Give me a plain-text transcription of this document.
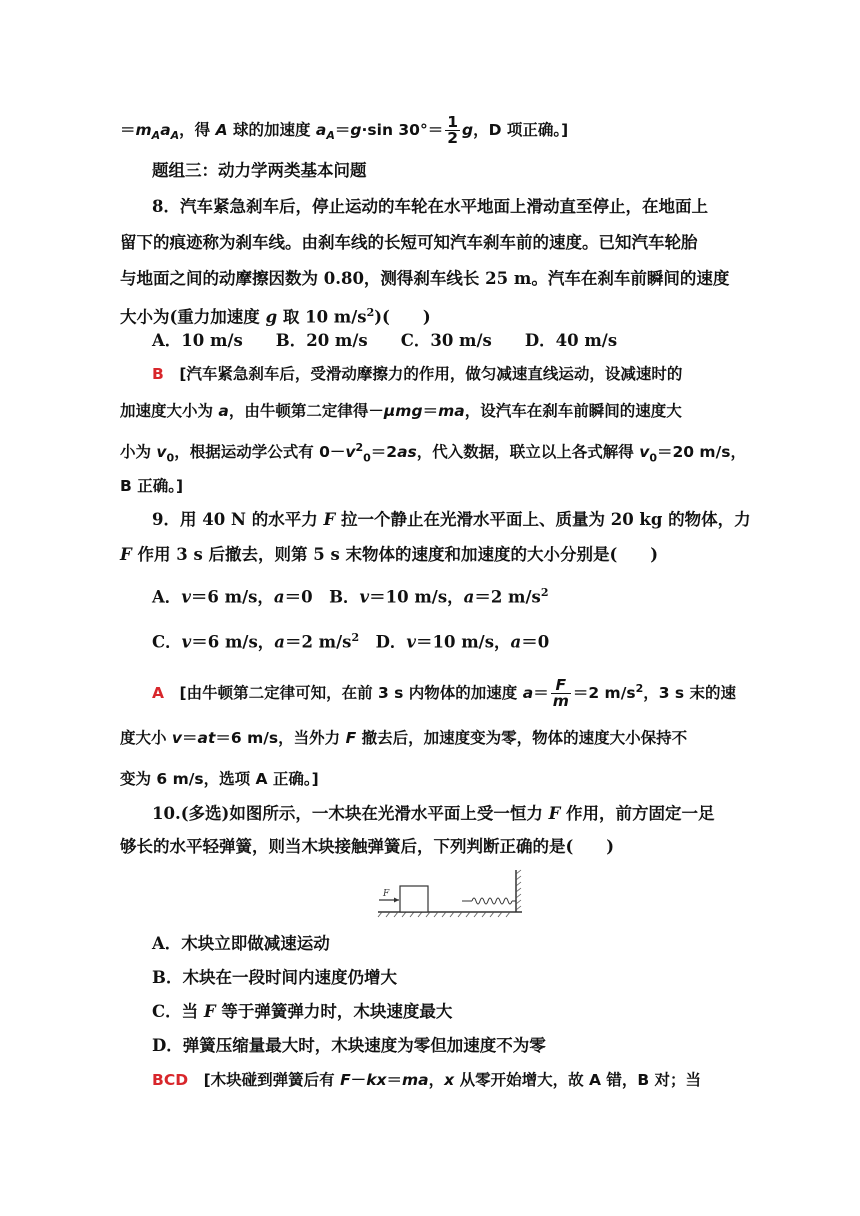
$=m_Aa_A$，得 A 球的加速度 $a_A=g\cdot\sin$ $30^\circ= \frac{1}{2}$ g，D 项正确。]
题组三：动力学两类基本问题
8．汽车紧急刹车后，停止运动的车轮在水平地面上滑动直至停止，在地面上
留下的痕迹称为刹车线。由刹车线的长短可知汽车刹车前的速度。已知汽车轮胎
与地面之间的动摩擦因数为 0.80，测得刹车线长 25 m。汽车在刹车前瞬间的速度
大小为(重力加速度 g 取 10 $m/s^2$)(　　)
A．10 m/s　　B．20 m/s　　C．30 m/s　　D．40 m/s
B　 [汽车紧急刹车后，受滑动摩擦力的作用，做匀减速直线运动，设减速时的
加速度大小为 a，由牛顿第二定律得－μmg＝ma，设汽车在刹车前瞬间的速度大
小为 $v_0$，根据运动学公式有 $0-v^2_0=2as$，代入数据，联立以上各式解得 $v_0=20$ m/s，
B 正确。]
9．用 40 N 的水平力 F 拉一个静止在光滑水平面上、质量为 20 kg 的物体，力
F 作用 3 s 后撤去，则第 5 s 末物体的速度和加速度的大小分别是(　　)
A．v＝6 m/s，a＝0　B．v＝10 m/s，a＝2 $m/s^2$
C．v＝6 m/s，a＝2 $m/s^2$　D．v＝10 m/s，a＝0
A　 [由牛顿第二定律可知，在前 3 s 内物体的加速度 $a= \frac{F}{m} =2$ $m/s^2$，3 s 末的速
度大小 v＝at＝6 m/s，当外力 F 撤去后，加速度变为零，物体的速度大小保持不
变为 6 m/s，选项 A 正确。]
10.(多选)如图所示，一木块在光滑水平面上受一恒力 F 作用，前方固定一足
够长的水平轻弹簧，则当木块接触弹簧后，下列判断正确的是(　　)
F
A．木块立即做减速运动
B．木块在一段时间内速度仍增大
C．当 F 等于弹簧弹力时，木块速度最大
D．弹簧压缩量最大时，木块速度为零但加速度不为零
BCD　 [木块碰到弹簧后有 F－kx＝ma，x 从零开始增大，故 A 错，B 对；当
